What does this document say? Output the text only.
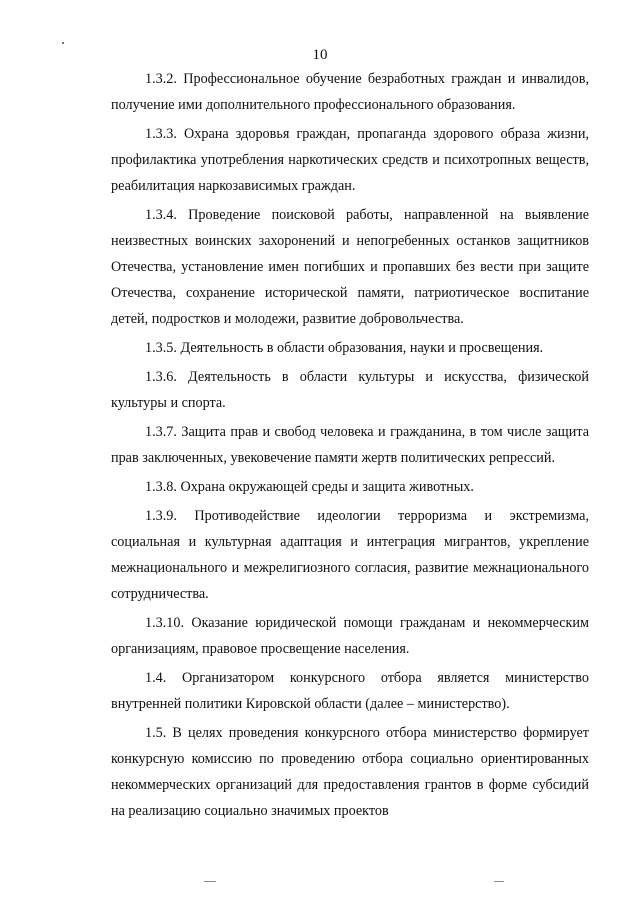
10

1.3.2. Профессиональное обучение безработных граждан и инвалидов, получение ими дополнительного профессионального образования.

1.3.3. Охрана здоровья граждан, пропаганда здорового образа жизни, профилактика употребления наркотических средств и психотропных веществ, реабилитация наркозависимых граждан.

1.3.4. Проведение поисковой работы, направленной на выявление неизвестных воинских захоронений и непогребенных останков защитников Отечества, установление имен погибших и пропавших без вести при защите Отечества, сохранение исторической памяти, патриотическое воспитание детей, подростков и молодежи, развитие добровольчества.

1.3.5. Деятельность в области образования, науки и просвещения.

1.3.6. Деятельность в области культуры и искусства, физической культуры и спорта.

1.3.7. Защита прав и свобод человека и гражданина, в том числе защита прав заключенных, увековечение памяти жертв политических репрессий.

1.3.8. Охрана окружающей среды и защита животных.

1.3.9. Противодействие идеологии терроризма и экстремизма, социальная и культурная адаптация и интеграция мигрантов, укрепление межнационального и межрелигиозного согласия, развитие межнационального сотрудничества.

1.3.10. Оказание юридической помощи гражданам и некоммерческим организациям, правовое просвещение населения.

1.4. Организатором конкурсного отбора является министерство внутренней политики Кировской области (далее – министерство).

1.5. В целях проведения конкурсного отбора министерство формирует конкурсную комиссию по проведению отбора социально ориентированных некоммерческих организаций для предоставления грантов в форме субсидий на реализацию социально значимых проектов
